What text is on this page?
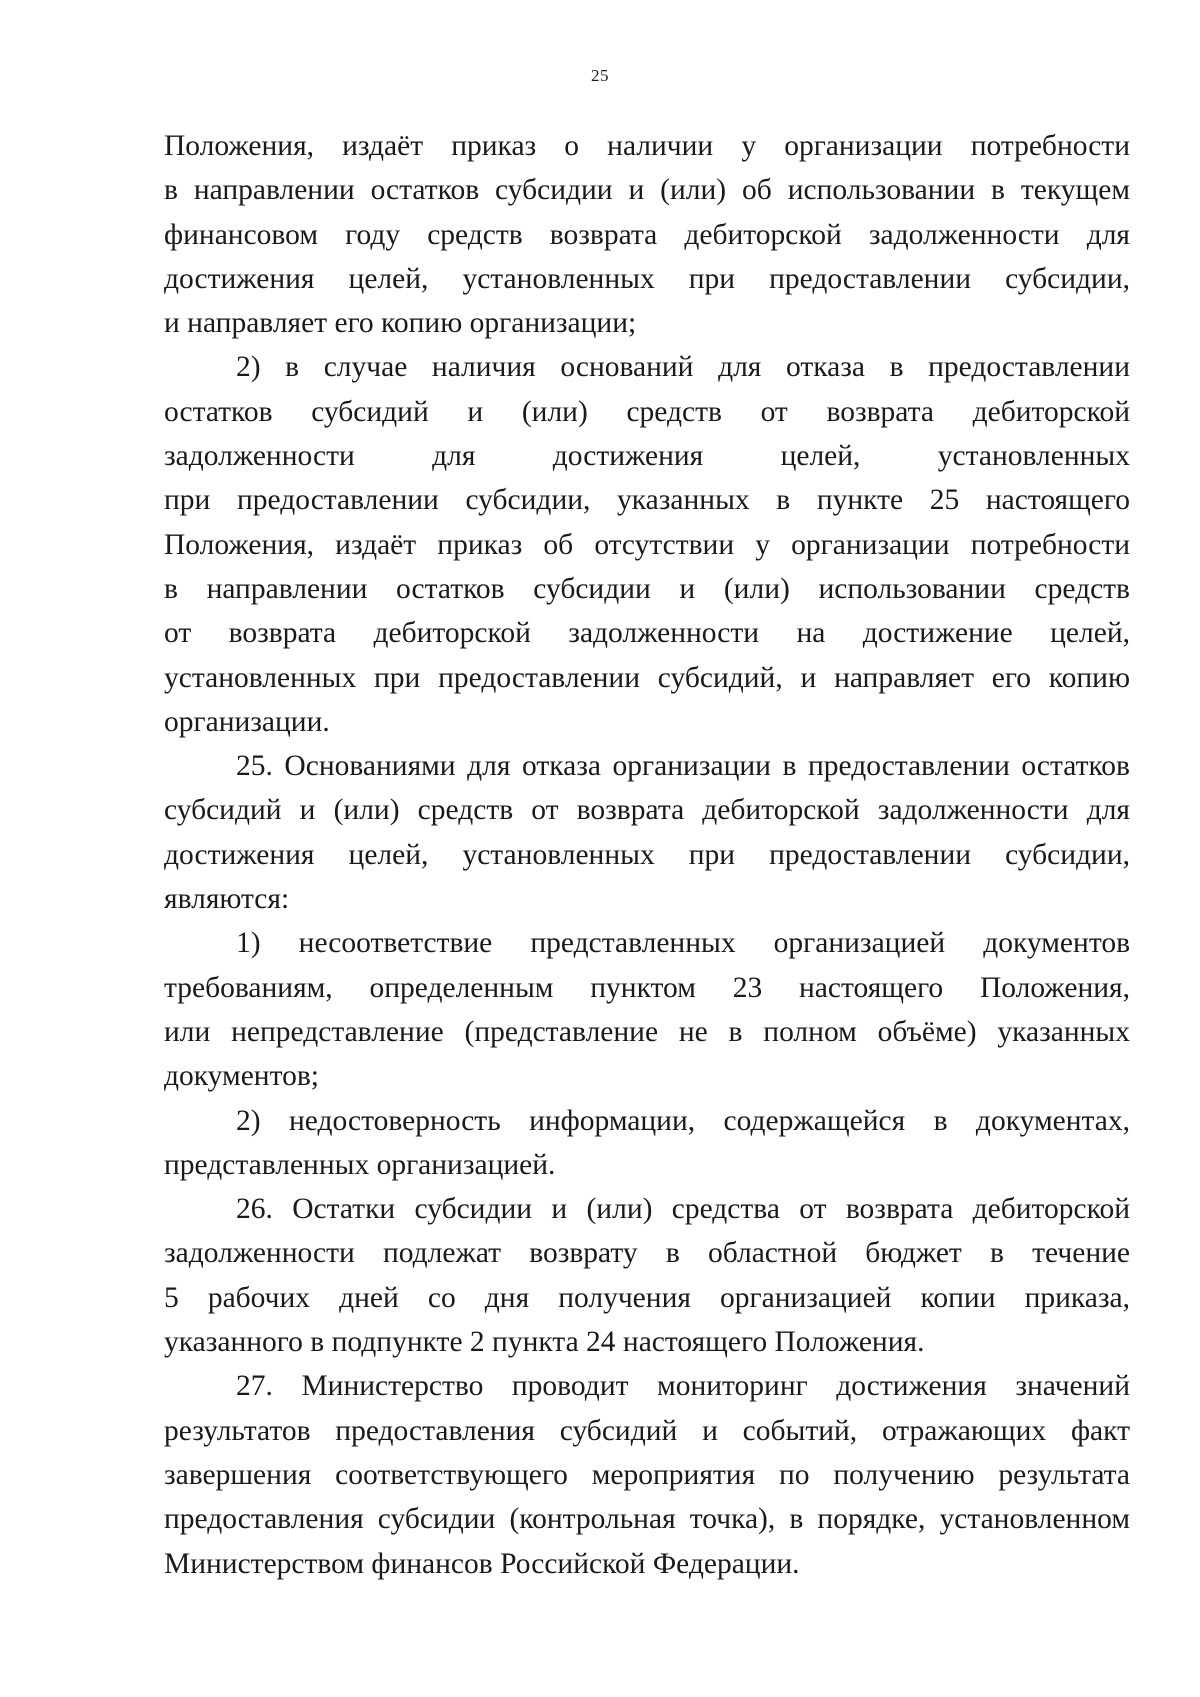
25

Положения, издаёт приказ о наличии у организации потребности

в направлении остатков субсидии и (или) об использовании в текущем

финансовом году средств возврата дебиторской задолженности для

достижения целей, установленных при предоставлении субсидии,

и направляет его копию организации;

2) в случае наличия оснований для отказа в предоставлении

остатков субсидий и (или) средств от возврата дебиторской

задолженности для достижения целей, установленных

при предоставлении субсидии, указанных в пункте 25 настоящего

Положения, издаёт приказ об отсутствии у организации потребности

в направлении остатков субсидии и (или) использовании средств

от возврата дебиторской задолженности на достижение целей,

установленных при предоставлении субсидий, и направляет его копию

организации.

25. Основаниями для отказа организации в предоставлении остатков

субсидий и (или) средств от возврата дебиторской задолженности для

достижения целей, установленных при предоставлении субсидии,

являются:

1) несоответствие представленных организацией документов

требованиям, определенным пунктом 23 настоящего Положения,

или непредставление (представление не в полном объёме) указанных

документов;

2) недостоверность информации, содержащейся в документах,

представленных организацией.

26. Остатки субсидии и (или) средства от возврата дебиторской

задолженности подлежат возврату в областной бюджет в течение

5 рабочих дней со дня получения организацией копии приказа,

указанного в подпункте 2 пункта 24 настоящего Положения.

27. Министерство проводит мониторинг достижения значений

результатов предоставления субсидий и событий, отражающих факт

завершения соответствующего мероприятия по получению результата

предоставления субсидии (контрольная точка), в порядке, установленном

Министерством финансов Российской Федерации.
